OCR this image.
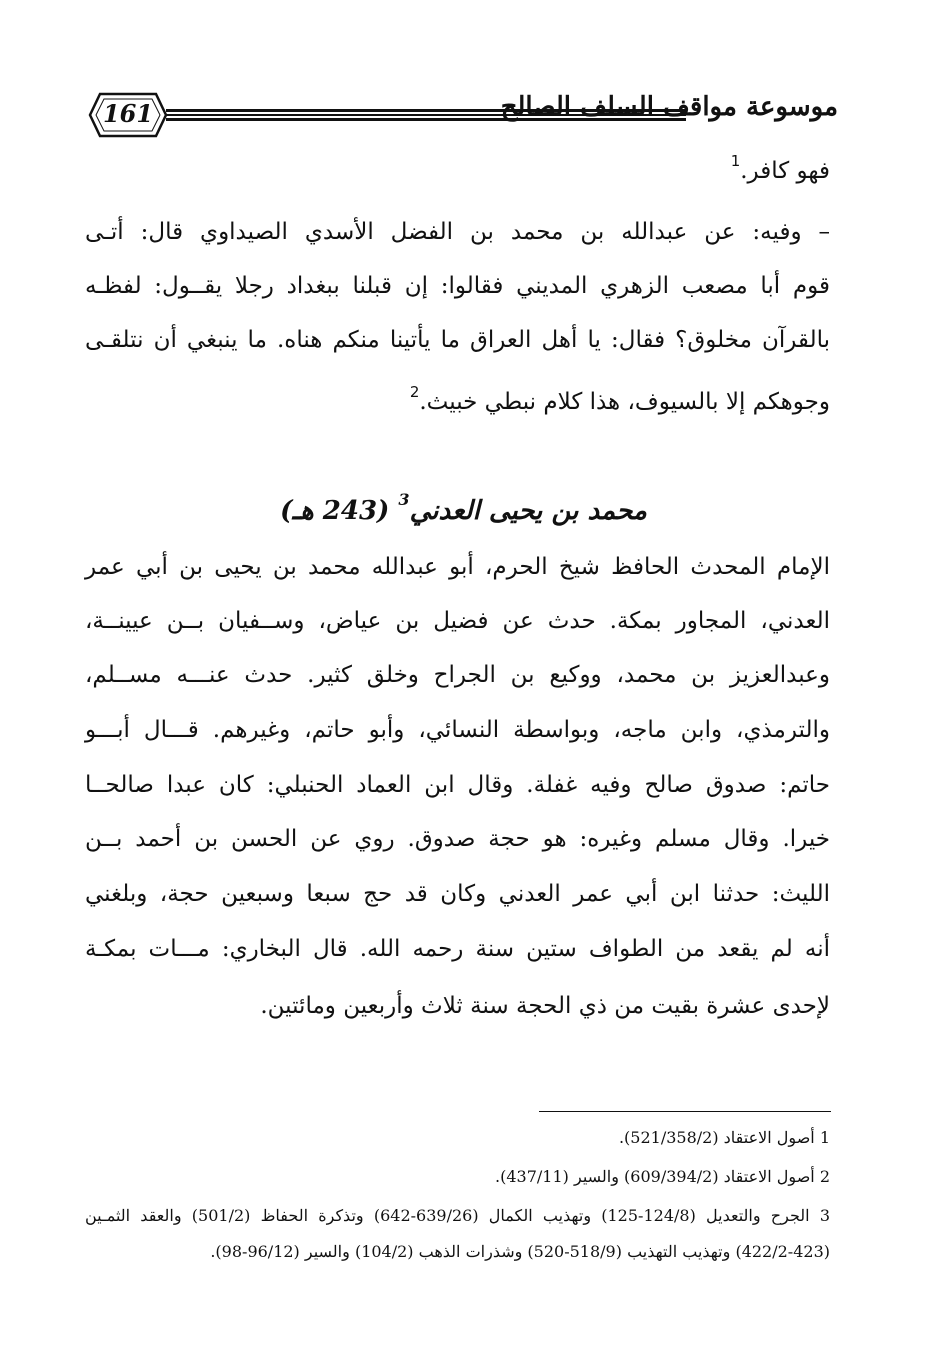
161	موسوعة مواقف السلف الصالح
فهو كافر.$^1$
– وفيه: عن عبدالله بن محمد بن الفضل الأسدي الصيداوي قال: أتـى
قوم أبا مصعب الزهري المديني فقالوا: إن قبلنا ببغداد رجلا يقــول: لفظـه
بالقرآن مخلوق؟ فقال: يا أهل العراق ما يأتينا منكم هناه. ما ينبغي أن نتلقـى
وجوهكم إلا بالسيوف، هذا كلام نبطي خبيث.$^2$
محمد بن يحيى العدني$^3$ (243 هـ)
الإمام المحدث الحافظ شيخ الحرم، أبو عبدالله محمد بن يحيى بن أبي عمر
العدني، المجاور بمكة. حدث عن فضيل بن عياض، وســفيان بــن عيينــة،
وعبدالعزيز بن محمد، ووكيع بن الجراح وخلق كثير. حدث عنـــه مســلم،
والترمذي، وابن ماجه، وبواسطة النسائي، وأبو حاتم، وغيرهم. قـــال أبـــو
حاتم: صدوق صالح وفيه غفلة. وقال ابن العماد الحنبلي: كان عبدا صالحــا
خيرا. وقال مسلم وغيره: هو حجة صدوق. روي عن الحسن بن أحمد بــن
الليث: حدثنا ابن أبي عمر العدني وكان قد حج سبعا وسبعين حجة، وبلغني
أنه لم يقعد من الطواف ستين سنة رحمه الله. قال البخاري: مـــات بمكـة
لإحدى عشرة بقيت من ذي الحجة سنة ثلاث وأربعين ومائتين.
1 أصول الاعتقاد (521/358/2).
2 أصول الاعتقاد (609/394/2) والسير (437/11).
3 الجرح والتعديل (124/8-125) وتهذيب الكمال (639/26-642) وتذكرة الحفاظ (501/2) والعقد الثمـين
(422/2-423) وتهذيب التهذيب (518/9-520) وشذرات الذهب (104/2) والسير (96/12-98).
